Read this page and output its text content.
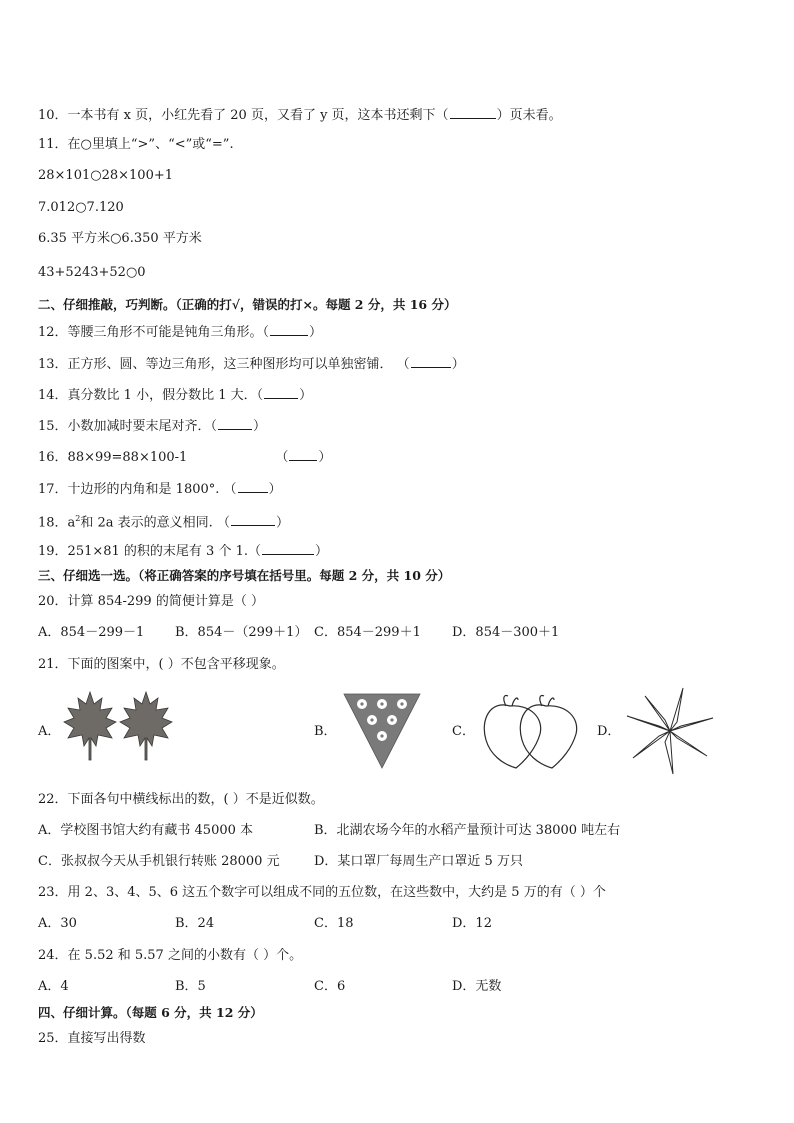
10．一本书有 x 页，小红先看了 20 页，又看了 y 页，这本书还剩下（	）页未看。
11．在○里填上“>”、“<”或“=”.
28×101○28×100+1
7.012○7.120
6.35 平方米○6.350 平方米
43+5243+52○0
二、仔细推敲，巧判断。（正确的打√，错误的打×。每题 2 分，共 16 分）
12．等腰三角形不可能是钝角三角形。（	）
13．正方形、圆、等边三角形，这三种图形均可以单独密铺． （	）
14．真分数比 1 小，假分数比 1 大．（	）
15．小数加减时要末尾对齐．（	）
16．88×99=88×100-1	（ ）
17．十边形的内角和是 1800°. （ ）
18．$a^2$和 2a 表示的意义相同. （	）
19．251×81 的积的末尾有 3 个 1.（	）
三、仔细选一选。（将正确答案的序号填在括号里。每题 2 分，共 10 分）
20．计算 854-299 的简便计算是（ ）
A．854－299－1 B．854－（299＋1） C．854－299＋1 D．854－300＋1
21．下面的图案中，( ）不包含平移现象。
A．	B．	C．	D．
22．下面各句中横线标出的数，( ）不是近似数。
A．学校图书馆大约有藏书 45000 本	B．北湖农场今年的水稻产量预计可达 38000 吨左右
C．张叔叔今天从手机银行转账 28000 元	D．某口罩厂每周生产口罩近 5 万只
23．用 2、3、4、5、6 这五个数字可以组成不同的五位数，在这些数中，大约是 5 万的有（ ）个
A．30	B．24	C．18	D．12
24．在 5.52 和 5.57 之间的小数有（ ）个。
A．4	B．5	C．6	D．无数
四、仔细计算。（每题 6 分，共 12 分）
25．直接写出得数
